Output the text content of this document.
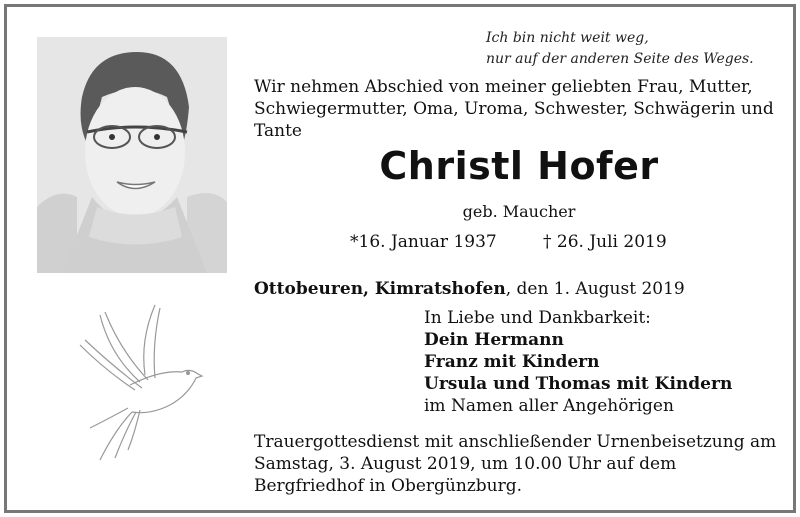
Ich bin nicht weit weg,
nur auf der anderen Seite des Weges.
Wir nehmen Abschied von meiner geliebten Frau, Mutter, Schwiegermutter, Oma, Uroma, Schwester, Schwägerin und Tante
Christl Hofer
geb. Maucher
*16. Januar 1937	† 26. Juli 2019
Ottobeuren, Kimratshofen, den 1. August 2019
In Liebe und Dankbarkeit:
Dein Hermann
Franz mit Kindern
Ursula und Thomas mit Kindern
im Namen aller Angehörigen
Trauergottesdienst mit anschließender Urnenbeisetzung am Samstag, 3. August 2019, um 10.00 Uhr auf dem Bergfriedhof in Obergünzburg.
